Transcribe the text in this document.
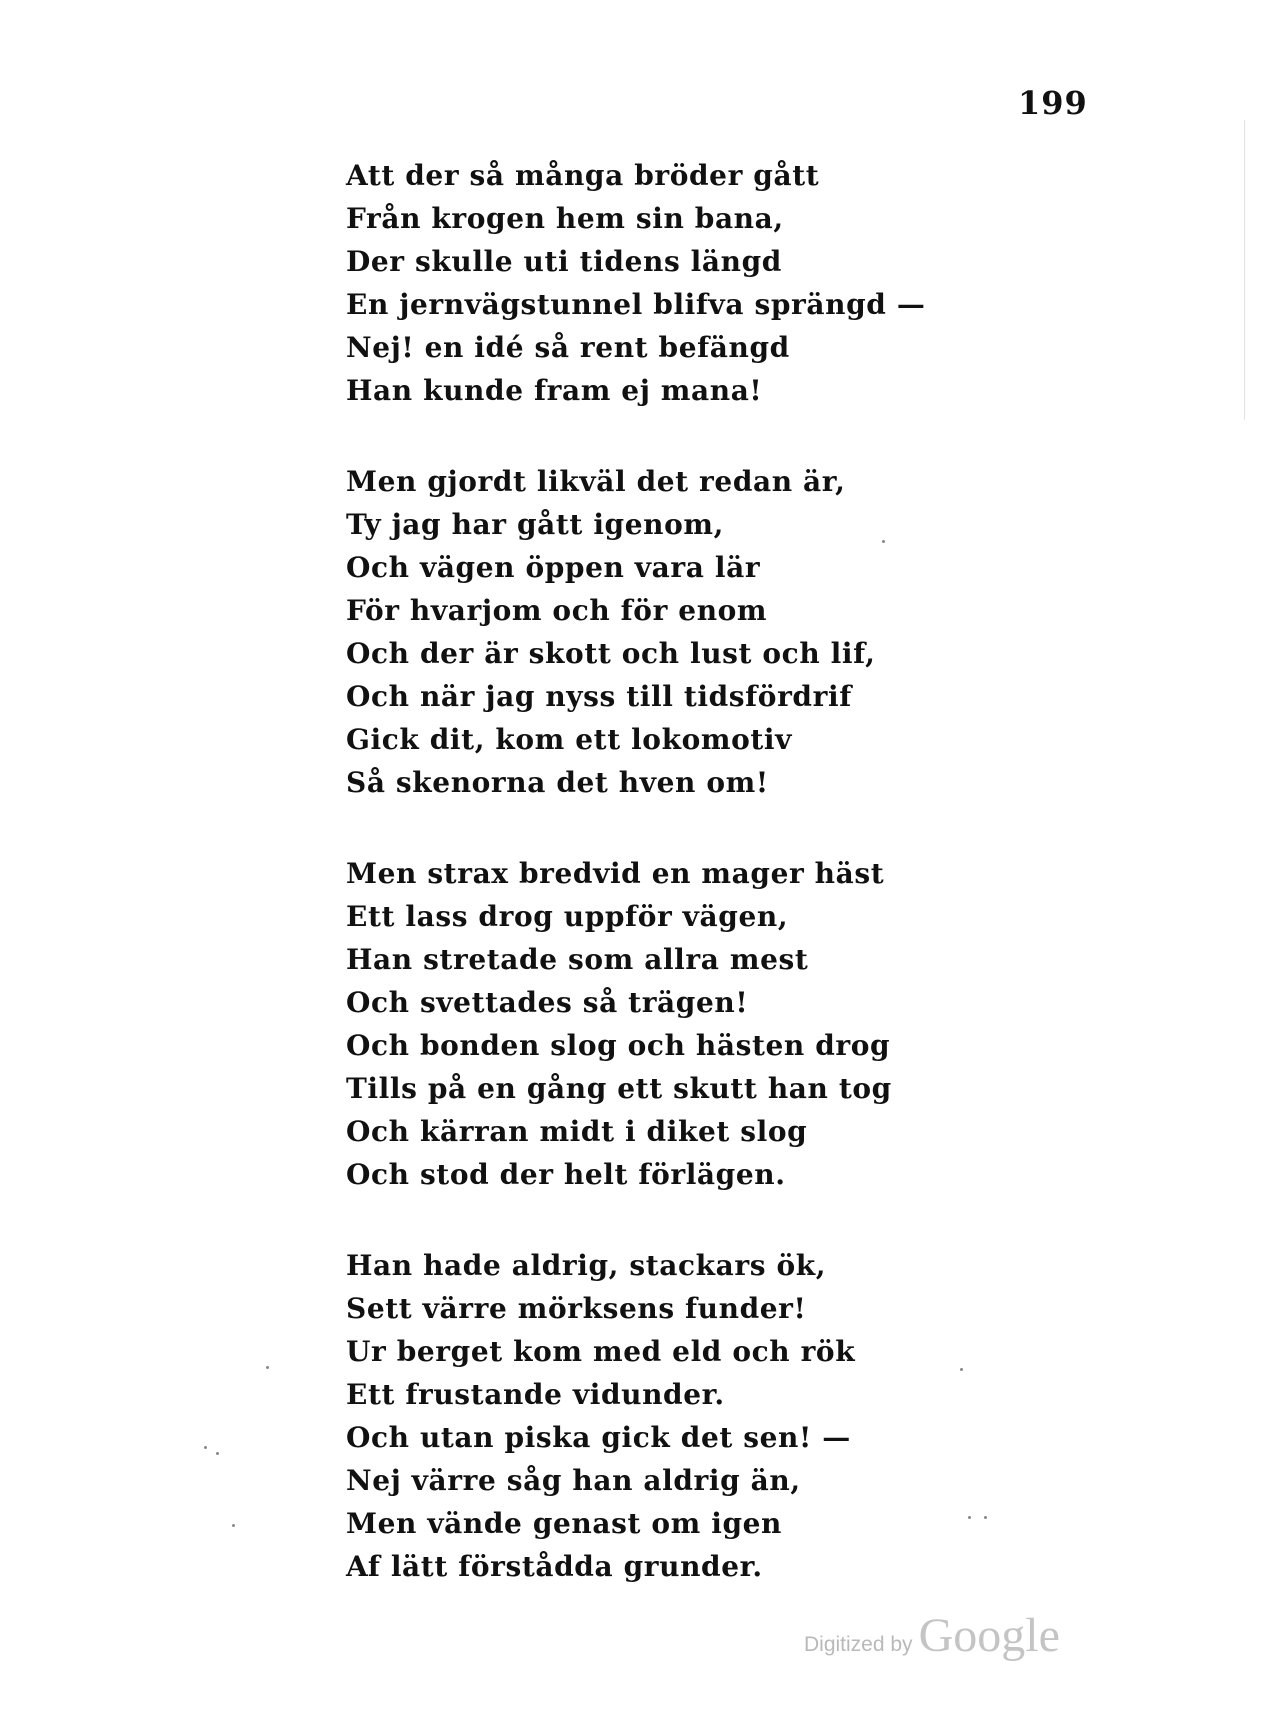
199
Att der så många bröder gått
Från krogen hem sin bana,
Der skulle uti tidens längd
En jernvägstunnel blifva sprängd —
Nej! en idé så rent befängd
Han kunde fram ej mana!
Men gjordt likväl det redan är,
Ty jag har gått igenom,
Och vägen öppen vara lär
För hvarjom och för enom
Och der är skott och lust och lif,
Och när jag nyss till tidsfördrif
Gick dit, kom ett lokomotiv
Så skenorna det hven om!
Men strax bredvid en mager häst
Ett lass drog uppför vägen,
Han stretade som allra mest
Och svettades så trägen!
Och bonden slog och hästen drog
Tills på en gång ett skutt han tog
Och kärran midt i diket slog
Och stod der helt förlägen.
Han hade aldrig, stackars ök,
Sett värre mörksens funder!
Ur berget kom med eld och rök
Ett frustande vidunder.
Och utan piska gick det sen! —
Nej värre såg han aldrig än,
Men vände genast om igen
Af lätt förstådda grunder.
Digitized by Google
